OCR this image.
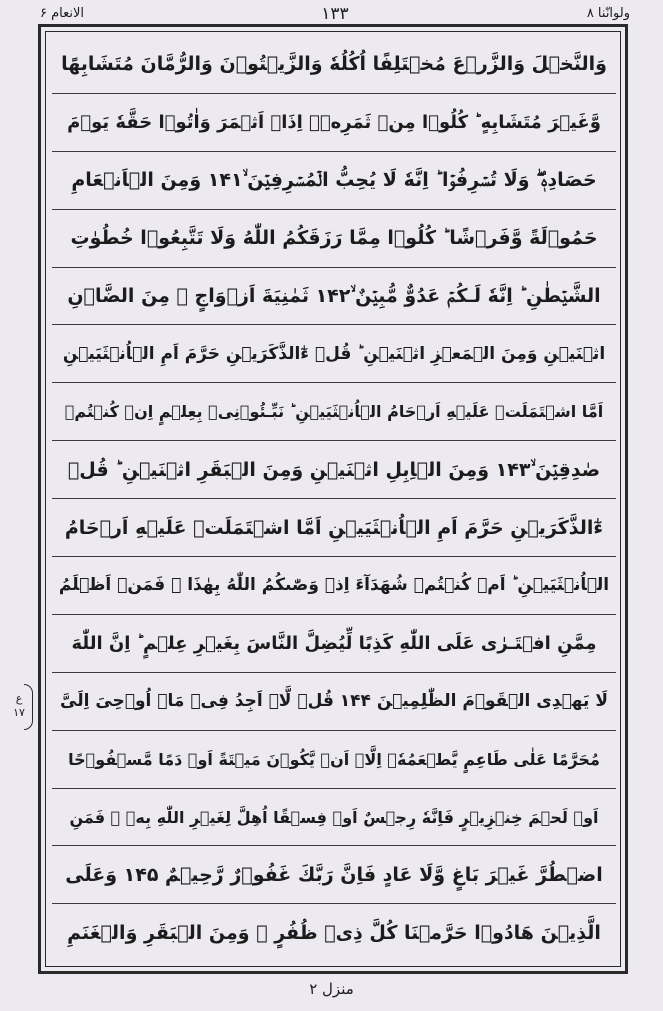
ولوانّنا ۸
۱۳۳
الانعام ۶
وَالنَّخۡلَ وَالزَّرۡعَ مُخۡتَلِفًا اُكُلُهٗ وَالزَّيۡتُوۡنَ وَالرُّمَّانَ مُتَشَابِهًا
وَّغَيۡرَ مُتَشَابِهٍ ؕ كُلُوۡا مِنۡ ثَمَرِهٖۤ اِذَاۤ اَثۡمَرَ وَاٰتُوۡا حَقَّهٗ يَوۡمَ
حَصَادِهٖ ۖ وَلَا تُسۡرِفُوۡا ؕ اِنَّهٗ لَا يُحِبُّ الۡمُسۡرِفِيۡنَ ۙ۱۴۱ وَمِنَ الۡاَنۡعَامِ
حَمُوۡلَةً وَّفَرۡشًا ؕ كُلُوۡا مِمَّا رَزَقَكُمُ اللّٰهُ وَلَا تَتَّبِعُوۡا خُطُوٰتِ
الشَّيۡطٰنِ ؕ اِنَّهٗ لَـكُمۡ عَدُوٌّ مُّبِيۡنٌ ۙ۱۴۲ ثَمٰنِيَةَ اَزۡوَاجٍ ۚ مِنَ الضَّاۡنِ
اثۡنَيۡنِ وَمِنَ الۡمَعۡزِ اثۡنَيۡنِ ؕ قُلۡ ءٰٓالذَّكَرَيۡنِ حَرَّمَ اَمِ الۡاُنۡثَيَيۡنِ
اَمَّا اشۡتَمَلَتۡ عَلَيۡهِ اَرۡحَامُ الۡاُنۡثَيَيۡنِ ؕ نَبِّـئُوۡنِىۡ بِعِلۡمٍ اِنۡ كُنۡتُمۡ
صٰدِقِيۡنَ ۙ۱۴۳ وَمِنَ الۡاِبِلِ اثۡنَيۡنِ وَمِنَ الۡبَقَرِ اثۡنَيۡنِ ؕ قُلۡ
ءٰٓالذَّكَرَيۡنِ حَرَّمَ اَمِ الۡاُنۡثَيَيۡنِ اَمَّا اشۡتَمَلَتۡ عَلَيۡهِ اَرۡحَامُ
الۡاُنۡثَيَيۡنِ ؕ اَمۡ كُنۡتُمۡ شُهَدَآءَ اِذۡ وَصّٰٮكُمُ اللّٰهُ بِهٰذَا ۚ فَمَنۡ اَظۡلَمُ
مِمَّنِ افۡتَـرٰى عَلَى اللّٰهِ كَذِبًا لِّيُضِلَّ النَّاسَ بِغَيۡرِ عِلۡمٍ ؕ اِنَّ اللّٰهَ
لَا يَهۡدِى الۡقَوۡمَ الظّٰلِمِيۡنَ ۱۴۴ قُلۡ لَّاۤ اَجِدُ فِىۡ مَاۤ اُوۡحِىَ اِلَىَّ
مُحَرَّمًا عَلٰى طَاعِمٍ يَّطۡعَمُهٗۤ اِلَّاۤ اَنۡ يَّكُوۡنَ مَيۡتَةً اَوۡ دَمًا مَّسۡفُوۡحًا
اَوۡ لَحۡمَ خِنۡزِيۡرٍ فَاِنَّهٗ رِجۡسٌ اَوۡ فِسۡقًا اُهِلَّ لِغَيۡرِ اللّٰهِ بِهٖ ۚ فَمَنِ
اضۡطُرَّ غَيۡرَ بَاغٍ وَّلَا عَادٍ فَاِنَّ رَبَّكَ غَفُوۡرٌ رَّحِيۡمٌ ۱۴۵ وَعَلَى
الَّذِيۡنَ هَادُوۡا حَرَّمۡنَا كُلَّ ذِىۡ ظُفُرٍ ۚ وَمِنَ الۡبَقَرِ وَالۡغَنَمِ
ع
۱۷
منزل ۲
